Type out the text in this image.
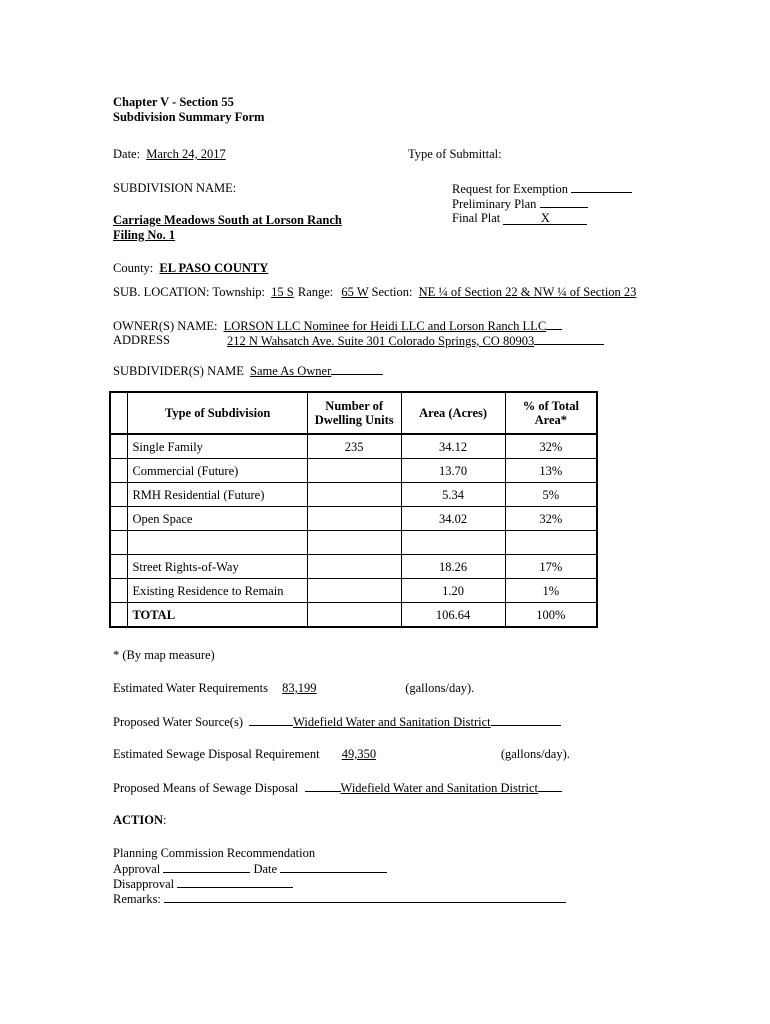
Chapter V - Section 55
Subdivision Summary Form
Date: March 24, 2017	Type of Submittal:
Request for Exemption
Preliminary Plan
Final Plat	X
SUBDIVISION NAME:
Carriage Meadows South at Lorson Ranch
Filing No. 1
County: EL PASO COUNTY
SUB. LOCATION: Township: 15 S Range: 65 W Section: NE ¼ of Section 22 & NW ¼ of Section 23
OWNER(S) NAME: LORSON LLC Nominee for Heidi LLC and Lorson Ranch LLC
ADDRESS	212 N Wahsatch Ave. Suite 301 Colorado Springs, CO 80903
SUBDIVIDER(S) NAME Same As Owner
	Type of Subdivision	Number of Dwelling Units	Area (Acres)	% of Total Area*
	Single Family	235	34.12	32%
	Commercial (Future)		13.70	13%
	RMH Residential (Future)		5.34	5%
	Open Space		34.02	32%

	Street Rights-of-Way		18.26	17%
	Existing Residence to Remain		1.20	1%
	TOTAL		106.64	100%
* (By map measure)
Estimated Water Requirements 83,199	(gallons/day).
Proposed Water Source(s)	Widefield Water and Sanitation District
Estimated Sewage Disposal Requirement 49,350	(gallons/day).
Proposed Means of Sewage Disposal	Widefield Water and Sanitation District
ACTION:
Planning Commission Recommendation
Approval	Date
Disapproval
Remarks:
